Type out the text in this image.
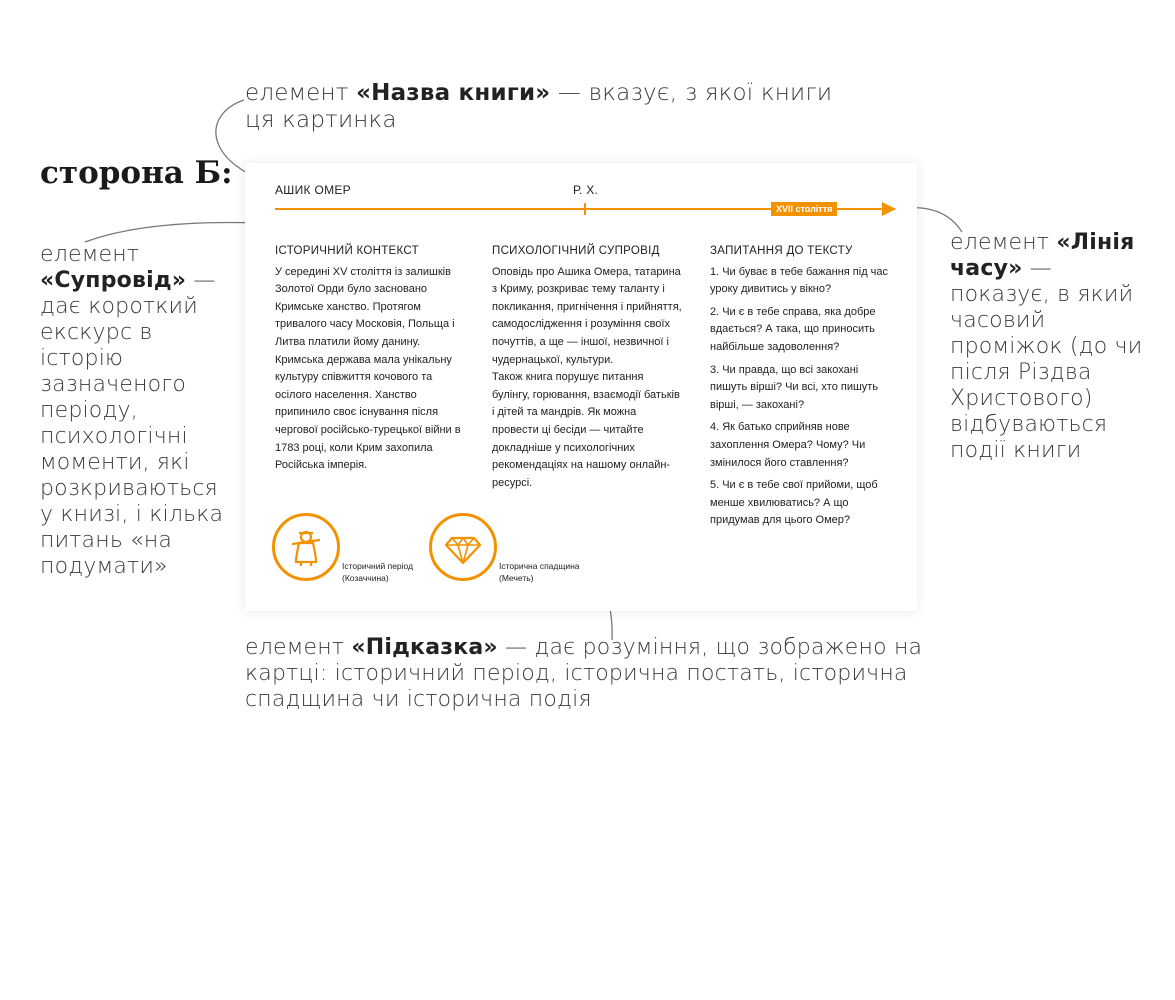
елемент «Назва книги» — вказує, з якої книги ця картинка
сторона Б:
елемент «Супровід» — дає короткий екскурс в історію зазначеного періоду, психологічні моменти, які розкриваються у книзі, і кілька питань «на подумати»
елемент «Лінія часу» — показує, в який часовий проміжок (до чи після Різдва Христового) відбуваються події книги
АШИК ОМЕР	Р. Х.
XVII століття
ІСТОРИЧНИЙ КОНТЕКСТ

У середині XV століття із залишків Золотої Орди було засновано Кримське ханство. Протягом тривалого часу Московія, Польща і Литва платили йому данину. Кримська держава мала унікальну культуру співжиття кочового та осілого населення. Ханство припинило своє існування після чергової російсько-турецької війни в 1783 році, коли Крим захопила Російська імперія.

ПСИХОЛОГІЧНИЙ СУПРОВІД

Оповідь про Ашика Омера, татарина з Криму, розкриває тему таланту і покликання, пригнічення і прийняття, самодослідження і розуміння своїх почуттів, а ще — іншої, незвичної і чудернацької, культури.

Також книга порушує питання булінгу, горювання, взаємодії батьків і дітей та мандрів. Як можна провести ці бесіди — читайте докладніше у психологічних рекомендаціях на нашому онлайн-ресурсі.

ЗАПИТАННЯ ДО ТЕКСТУ

1. Чи буває в тебе бажання під час уроку дивитись у вікно?

2. Чи є в тебе справа, яка добре вдається? А така, що приносить найбільше задоволення?

3. Чи правда, що всі закохані пишуть вірші? Чи всі, хто пишуть вірші, — закохані?

4. Як батько сприйняв нове захоплення Омера? Чому? Чи змінилося його ставлення?

5. Чи є в тебе свої прийоми, щоб менше хвилюватись? А що придумав для цього Омер?

Історичний період
(Козаччина)
Історична спадщина
(Мечеть)
елемент «Підказка» — дає розуміння, що зображено на картці: історичний період, історична постать, історична спадщина чи історична подія
